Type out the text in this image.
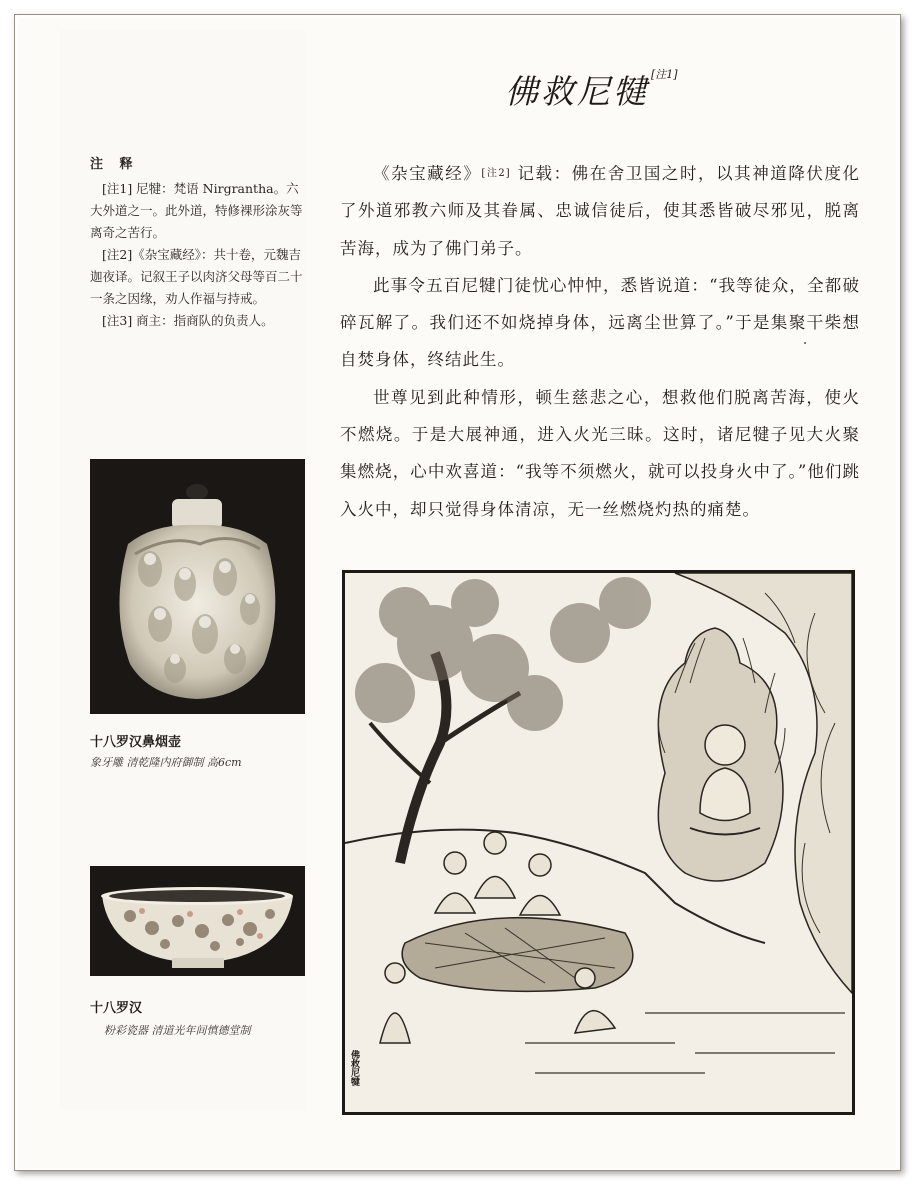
佛救尼犍 [注1]
注 释

[注1] 尼犍：梵语 Nirgrantha。六大外道之一。此外道，特修裸形涂灰等离奇之苦行。

[注2]《杂宝藏经》：共十卷，元魏吉迦夜译。记叙王子以肉济父母等百二十一条之因缘，劝人作福与持戒。

[注3] 商主：指商队的负责人。

《杂宝藏经》[注2] 记载：佛在舍卫国之时，以其神道降伏度化了外道邪教六师及其眷属、忠诚信徒后，使其悉皆破尽邪见，脱离苦海，成为了佛门弟子。

此事令五百尼犍门徒忧心忡忡，悉皆说道：“我等徒众，全都破碎瓦解了。我们还不如烧掉身体，远离尘世算了。”于是集聚干柴想自焚身体，终结此生。

世尊见到此种情形，顿生慈悲之心，想救他们脱离苦海，使火不燃烧。于是大展神通，进入火光三昧。这时，诸尼犍子见大火聚集燃烧，心中欢喜道：“我等不须燃火，就可以投身火中了。”他们跳入火中，却只觉得身体清凉，无一丝燃烧灼热的痛楚。

十八罗汉鼻烟壶
象牙雕 清乾隆内府御制 高6cm
十八罗汉
粉彩瓷器 清道光年间慎德堂制
佛救尼犍
